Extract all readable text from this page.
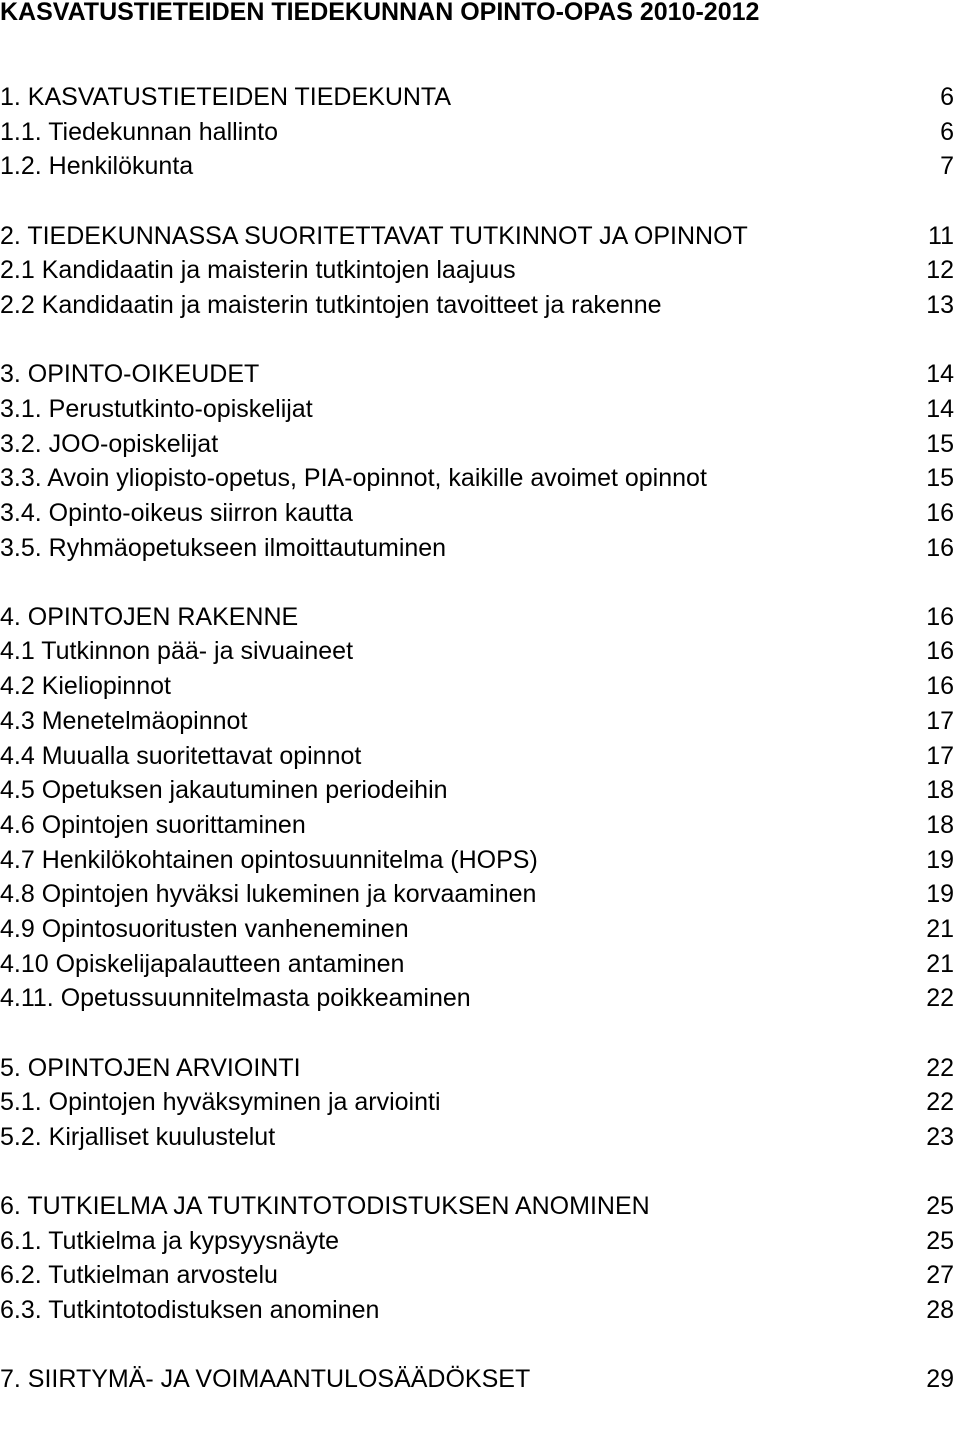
KASVATUSTIETEIDEN TIEDEKUNNAN OPINTO-OPAS 2010-2012
1. KASVATUSTIETEIDEN TIEDEKUNTA	6
1.1. Tiedekunnan hallinto	6
1.2. Henkilökunta	7
2. TIEDEKUNNASSA SUORITETTAVAT TUTKINNOT JA OPINNOT	11
2.1 Kandidaatin ja maisterin tutkintojen laajuus	12
2.2 Kandidaatin ja maisterin tutkintojen tavoitteet ja rakenne	13
3. OPINTO-OIKEUDET	14
3.1. Perustutkinto-opiskelijat	14
3.2. JOO-opiskelijat	15
3.3. Avoin yliopisto-opetus, PIA-opinnot, kaikille avoimet opinnot	15
3.4. Opinto-oikeus siirron kautta	16
3.5. Ryhmäopetukseen ilmoittautuminen	16
4. OPINTOJEN RAKENNE	16
4.1 Tutkinnon pää- ja sivuaineet	16
4.2 Kieliopinnot	16
4.3 Menetelmäopinnot	17
4.4 Muualla suoritettavat opinnot	17
4.5 Opetuksen jakautuminen periodeihin	18
4.6 Opintojen suorittaminen	18
4.7 Henkilökohtainen opintosuunnitelma (HOPS)	19
4.8 Opintojen hyväksi lukeminen ja korvaaminen	19
4.9 Opintosuoritusten vanheneminen	21
4.10 Opiskelijapalautteen antaminen	21
4.11. Opetussuunnitelmasta poikkeaminen	22
5. OPINTOJEN ARVIOINTI	22
5.1. Opintojen hyväksyminen ja arviointi	22
5.2. Kirjalliset kuulustelut	23
6. TUTKIELMA JA TUTKINTOTODISTUKSEN ANOMINEN	25
6.1. Tutkielma ja kypsyysnäyte	25
6.2. Tutkielman arvostelu	27
6.3. Tutkintotodistuksen anominen	28
7. SIIRTYMÄ- JA VOIMAANTULOSÄÄDÖKSET	29
